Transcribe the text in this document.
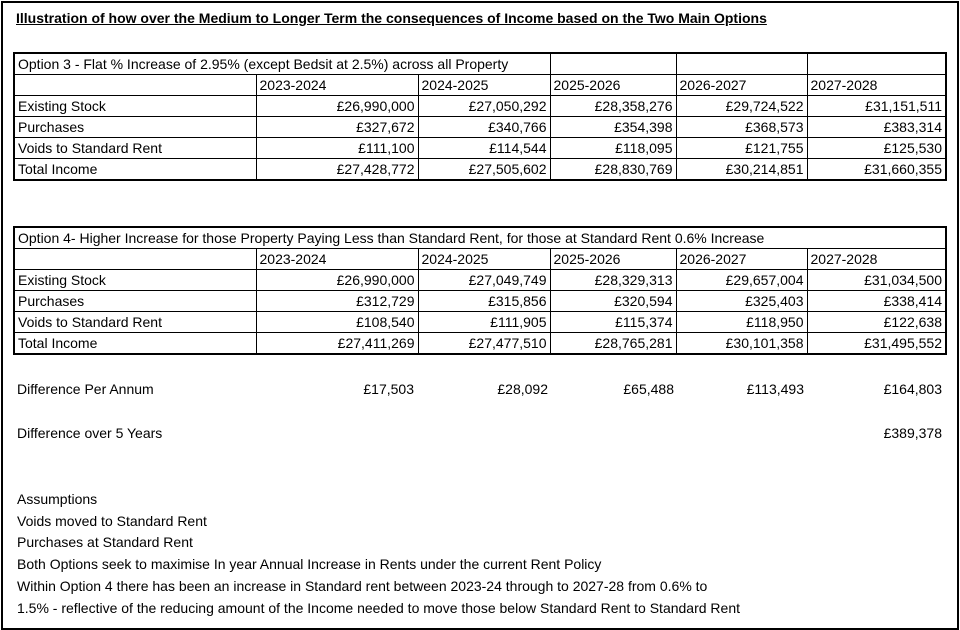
Illustration of how over the Medium to Longer Term the consequences of Income based on the Two Main Options
Option 3 - Flat % Increase of 2.95% (except Bedsit at 2.5%) across all Property					
	2023-2024	2024-2025	2025-2026	2026-2027	2027-2028
Existing Stock	£26,990,000	£27,050,292	£28,358,276	£29,724,522	£31,151,511
Purchases	£327,672	£340,766	£354,398	£368,573	£383,314
Voids to Standard Rent	£111,100	£114,544	£118,095	£121,755	£125,530
Total Income	£27,428,772	£27,505,602	£28,830,769	£30,214,851	£31,660,355
Option 4- Higher Increase for those Property Paying Less than Standard Rent, for those at Standard Rent 0.6% Increase					
	2023-2024	2024-2025	2025-2026	2026-2027	2027-2028
Existing Stock	£26,990,000	£27,049,749	£28,329,313	£29,657,004	£31,034,500
Purchases	£312,729	£315,856	£320,594	£325,403	£338,414
Voids to Standard Rent	£108,540	£111,905	£115,374	£118,950	£122,638
Total Income	£27,411,269	£27,477,510	£28,765,281	£30,101,358	£31,495,552
Difference Per Annum	£17,503	£28,092	£65,488	£113,493	£164,803
Difference over 5 Years	£389,378
Assumptions
Voids moved to Standard Rent
Purchases at Standard Rent
Both Options seek to maximise In year Annual Increase in Rents under the current Rent Policy
Within Option 4 there has been an increase in Standard rent between 2023-24 through to 2027-28 from 0.6% to
1.5% - reflective of the reducing amount of the Income needed to move those below Standard Rent to Standard Rent
